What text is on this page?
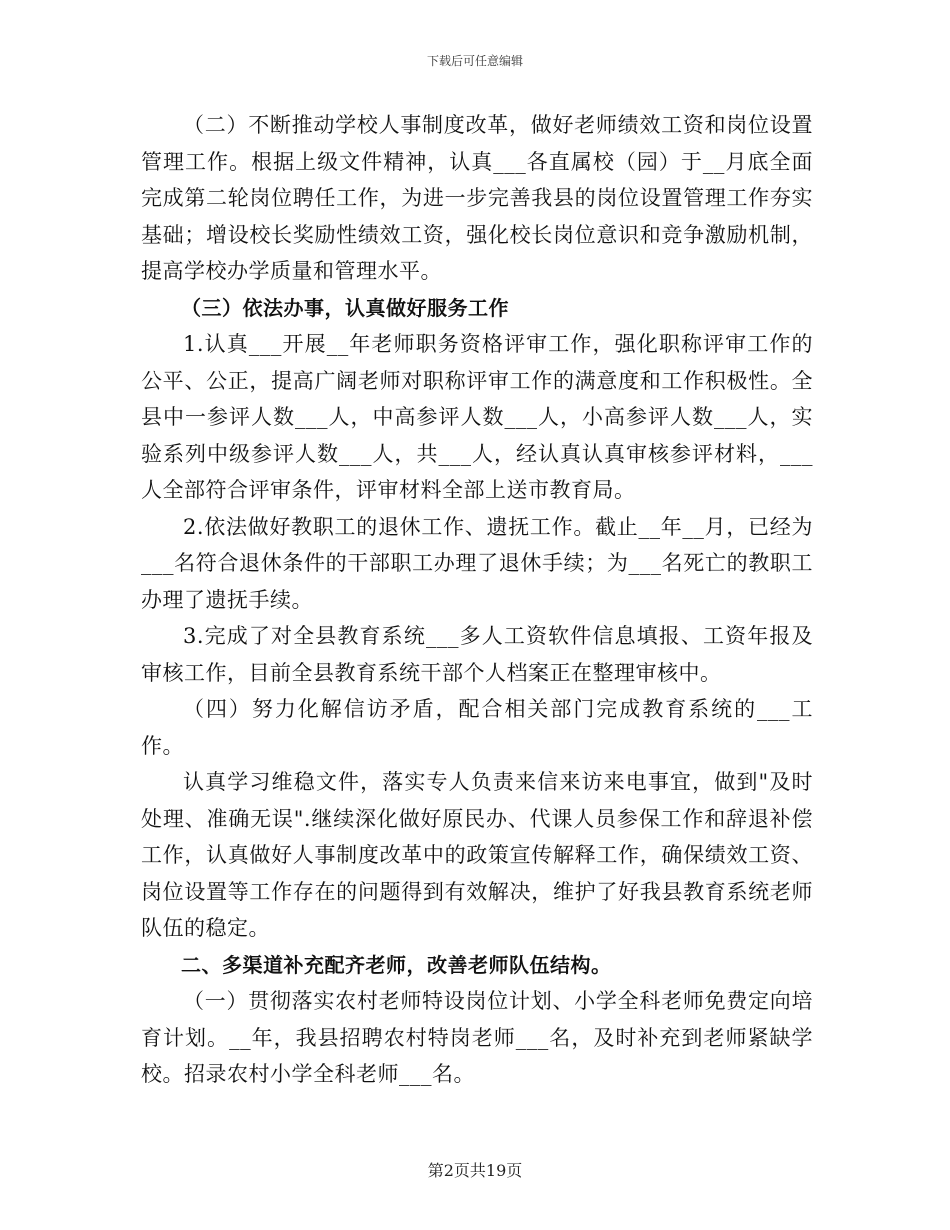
下载后可任意编辑

（二）不断推动学校人事制度改革，做好老师绩效工资和岗位设置管理工作。根据上级文件精神，认真___各直属校（园）于__月底全面完成第二轮岗位聘任工作，为进一步完善我县的岗位设置管理工作夯实基础；增设校长奖励性绩效工资，强化校长岗位意识和竞争激励机制，提高学校办学质量和管理水平。

（三）依法办事，认真做好服务工作

1.认真___开展__年老师职务资格评审工作，强化职称评审工作的公平、公正，提高广阔老师对职称评审工作的满意度和工作积极性。全县中一参评人数___人，中高参评人数___人，小高参评人数___人，实验系列中级参评人数___人，共___人，经认真认真审核参评材料，___人全部符合评审条件，评审材料全部上送市教育局。

2.依法做好教职工的退休工作、遗抚工作。截止__年__月，已经为___名符合退休条件的干部职工办理了退休手续；为___名死亡的教职工办理了遗抚手续。

3.完成了对全县教育系统___多人工资软件信息填报、工资年报及审核工作，目前全县教育系统干部个人档案正在整理审核中。

（四）努力化解信访矛盾，配合相关部门完成教育系统的___工作。

认真学习维稳文件，落实专人负责来信来访来电事宜，做到"及时处理、准确无误".继续深化做好原民办、代课人员参保工作和辞退补偿工作，认真做好人事制度改革中的政策宣传解释工作，确保绩效工资、岗位设置等工作存在的问题得到有效解决，维护了好我县教育系统老师队伍的稳定。

二、多渠道补充配齐老师，改善老师队伍结构。

（一）贯彻落实农村老师特设岗位计划、小学全科老师免费定向培育计划。__年，我县招聘农村特岗老师___名，及时补充到老师紧缺学校。招录农村小学全科老师___名。

第2页共19页
